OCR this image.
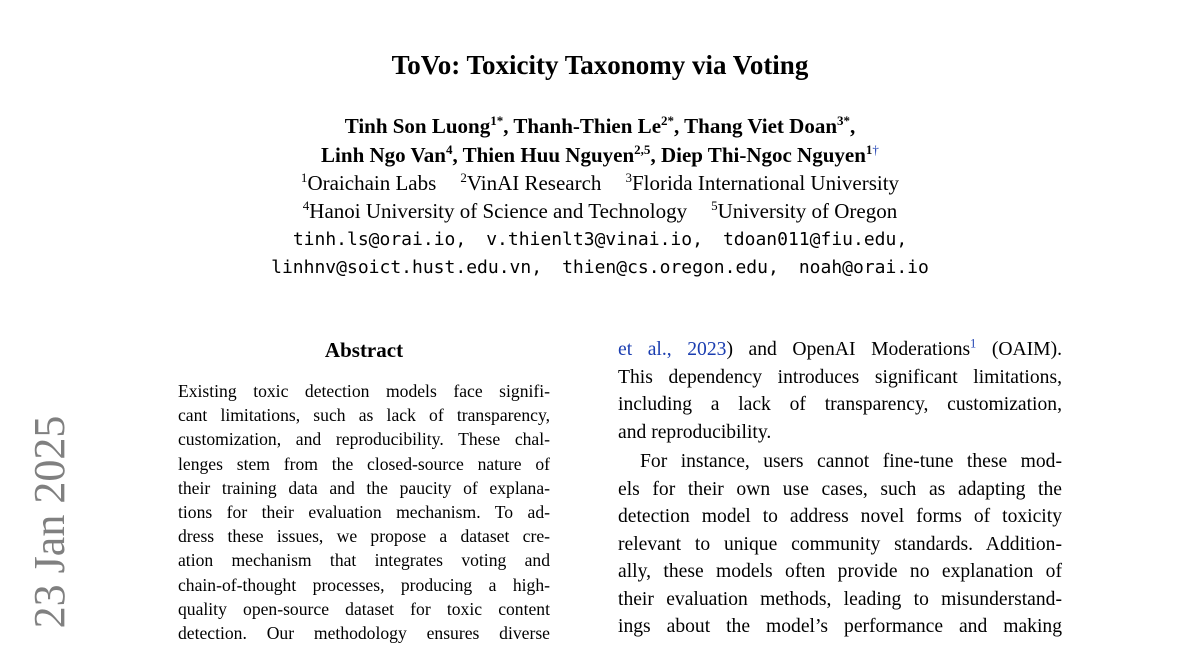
ToVo: Toxicity Taxonomy via Voting
Tinh Son Luong$^{1*}$, Thanh-Thien $Le^{2*}$, Thang Viet Doan$^{3*}$,
Linh Ngo Van$^4$, Thien Huu Nguyen$^{2,5}$, Diep Thi-Ngoc Nguyen$^{1\dagger}$
$^1$Oraichain Labs $^2$VinAI Research $^3$Florida International University
$^4$Hanoi University of Science and Technology $^5$University of Oregon
tinh.ls@orai.io, v.thienlt3@vinai.io, tdoan011@fiu.edu,
linhnv@soict.hust.edu.vn, thien@cs.oregon.edu, noah@orai.io
Abstract
Existing toxic detection models face signifi-
cant limitations, such as lack of transparency,
customization, and reproducibility. These chal-
lenges stem from the closed-source nature of
their training data and the paucity of explana-
tions for their evaluation mechanism. To ad-
dress these issues, we propose a dataset cre-
ation mechanism that integrates voting and
chain-of-thought processes, producing a high-
quality open-source dataset for toxic content
detection. Our methodology ensures diverse
et al., 2023) and OpenAI Moderations$^1$ (OAIM).
This dependency introduces significant limitations,
including a lack of transparency, customization,
and reproducibility.
For instance, users cannot fine-tune these mod-
els for their own use cases, such as adapting the
detection model to address novel forms of toxicity
relevant to unique community standards. Addition-
ally, these models often provide no explanation of
their evaluation methods, leading to misunderstand-
ings about the model’s performance and making
23 Jan 2025
